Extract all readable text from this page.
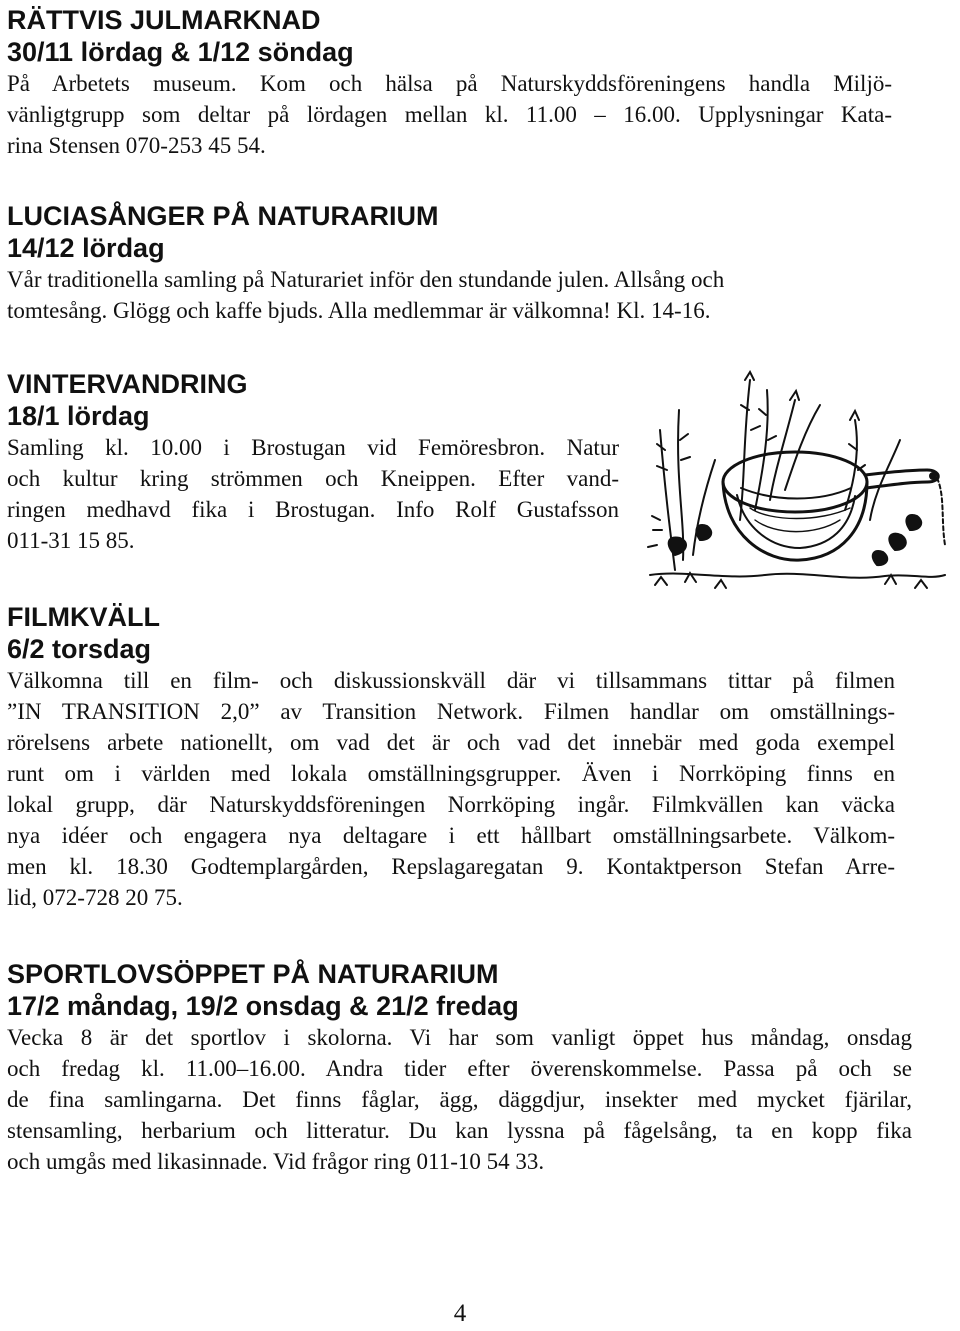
RÄTTVIS JULMARKNAD
30/11 lördag & 1/12 söndag
På Arbetets museum. Kom och hälsa på Naturskyddsföreningens handla Miljö-
vänligtgrupp som deltar på lördagen mellan kl. 11.00 – 16.00. Upplysningar Kata-
rina Stensen 070-253 45 54.
LUCIASÅNGER PÅ NATURARIUM
14/12 lördag
Vår traditionella samling på Naturariet inför den stundande julen. Allsång och
tomtesång. Glögg och kaffe bjuds. Alla medlemmar är välkomna! Kl. 14-16.
VINTERVANDRING
18/1 lördag
Samling kl. 10.00 i Brostugan vid Femöresbron. Natur
och kultur kring strömmen och Kneippen. Efter vand-
ringen medhavd fika i Brostugan. Info Rolf Gustafsson
011-31 15 85.
FILMKVÄLL
6/2 torsdag
Välkomna till en film- och diskussionskväll där vi tillsammans tittar på filmen
”IN TRANSITION 2,0” av Transition Network. Filmen handlar om omställnings-
rörelsens arbete nationellt, om vad det är och vad det innebär med goda exempel
runt om i världen med lokala omställningsgrupper. Även i Norrköping finns en
lokal grupp, där Naturskyddsföreningen Norrköping ingår. Filmkvällen kan väcka
nya idéer och engagera nya deltagare i ett hållbart omställningsarbete. Välkom-
men kl. 18.30 Godtemplargården, Repslagaregatan 9. Kontaktperson Stefan Arre-
lid, 072-728 20 75.
SPORTLOVSÖPPET PÅ NATURARIUM
17/2 måndag, 19/2 onsdag & 21/2 fredag
Vecka 8 är det sportlov i skolorna. Vi har som vanligt öppet hus måndag, onsdag
och fredag kl. 11.00–16.00. Andra tider efter överenskommelse. Passa på och se
de fina samlingarna. Det finns fåglar, ägg, däggdjur, insekter med mycket fjärilar,
stensamling, herbarium och litteratur. Du kan lyssna på fågelsång, ta en kopp fika
och umgås med likasinnade. Vid frågor ring 011-10 54 33.
4
